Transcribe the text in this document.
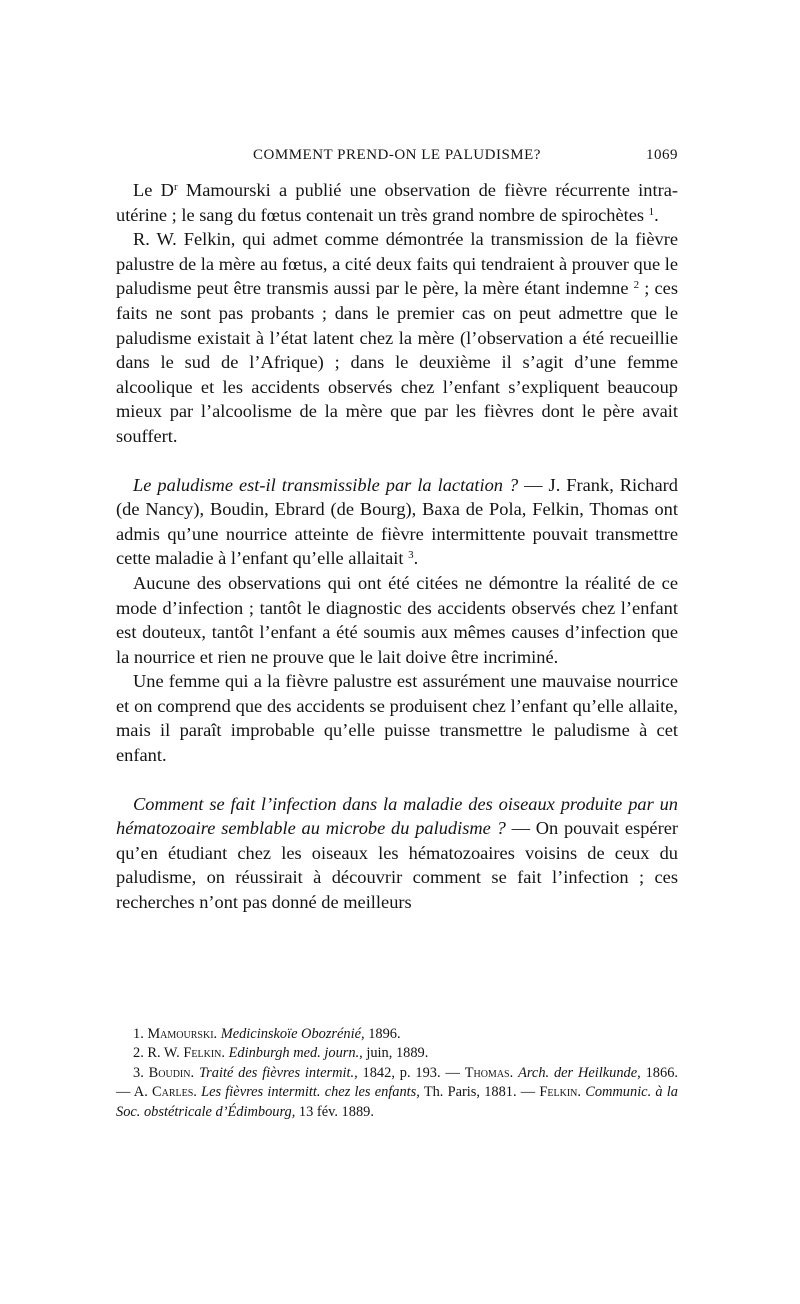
COMMENT PREND-ON LE PALUDISME?	1069

Le $D^r$ Mamourski a publié une observation de fièvre récurrente intra-utérine ; le sang du fœtus contenait un très grand nombre de spirochètes $^1$.

R. W. Felkin, qui admet comme démontrée la transmission de la fièvre palustre de la mère au fœtus, a cité deux faits qui tendraient à prouver que le paludisme peut être transmis aussi par le père, la mère étant indemne $^2$ ; ces faits ne sont pas probants ; dans le premier cas on peut admettre que le paludisme existait à l’état latent chez la mère (l’observation a été recueillie dans le sud de l’Afrique) ; dans le deuxième il s’agit d’une femme alcoolique et les accidents observés chez l’enfant s’expliquent beaucoup mieux par l’alcoolisme de la mère que par les fièvres dont le père avait souffert.

Le paludisme est-il transmissible par la lactation ? — J. Frank, Richard (de Nancy), Boudin, Ebrard (de Bourg), Baxa de Pola, Felkin, Thomas ont admis qu’une nourrice atteinte de fièvre intermittente pouvait transmettre cette maladie à l’enfant qu’elle allaitait $^3$.

Aucune des observations qui ont été citées ne démontre la réalité de ce mode d’infection ; tantôt le diagnostic des accidents observés chez l’enfant est douteux, tantôt l’enfant a été soumis aux mêmes causes d’infection que la nourrice et rien ne prouve que le lait doive être incriminé.

Une femme qui a la fièvre palustre est assurément une mauvaise nourrice et on comprend que des accidents se produisent chez l’enfant qu’elle allaite, mais il paraît improbable qu’elle puisse transmettre le paludisme à cet enfant.

Comment se fait l’infection dans la maladie des oiseaux produite par un hématozoaire semblable au microbe du paludisme ? — On pouvait espérer qu’en étudiant chez les oiseaux les hématozoaires voisins de ceux du paludisme, on réussirait à découvrir comment se fait l’infection ; ces recherches n’ont pas donné de meilleurs

1. Mamourski. Medicinskoïe Obozrénié, 1896.

2. R. W. Felkin. Edinburgh med. journ., juin, 1889.

3. Boudin. Traité des fièvres intermit., 1842, p. 193. — Thomas. Arch. der Heilkunde, 1866. — A. Carles. Les fièvres intermitt. chez les enfants, Th. Paris, 1881. — Felkin. Communic. à la Soc. obstétricale d’Édimbourg, 13 fév. 1889.
